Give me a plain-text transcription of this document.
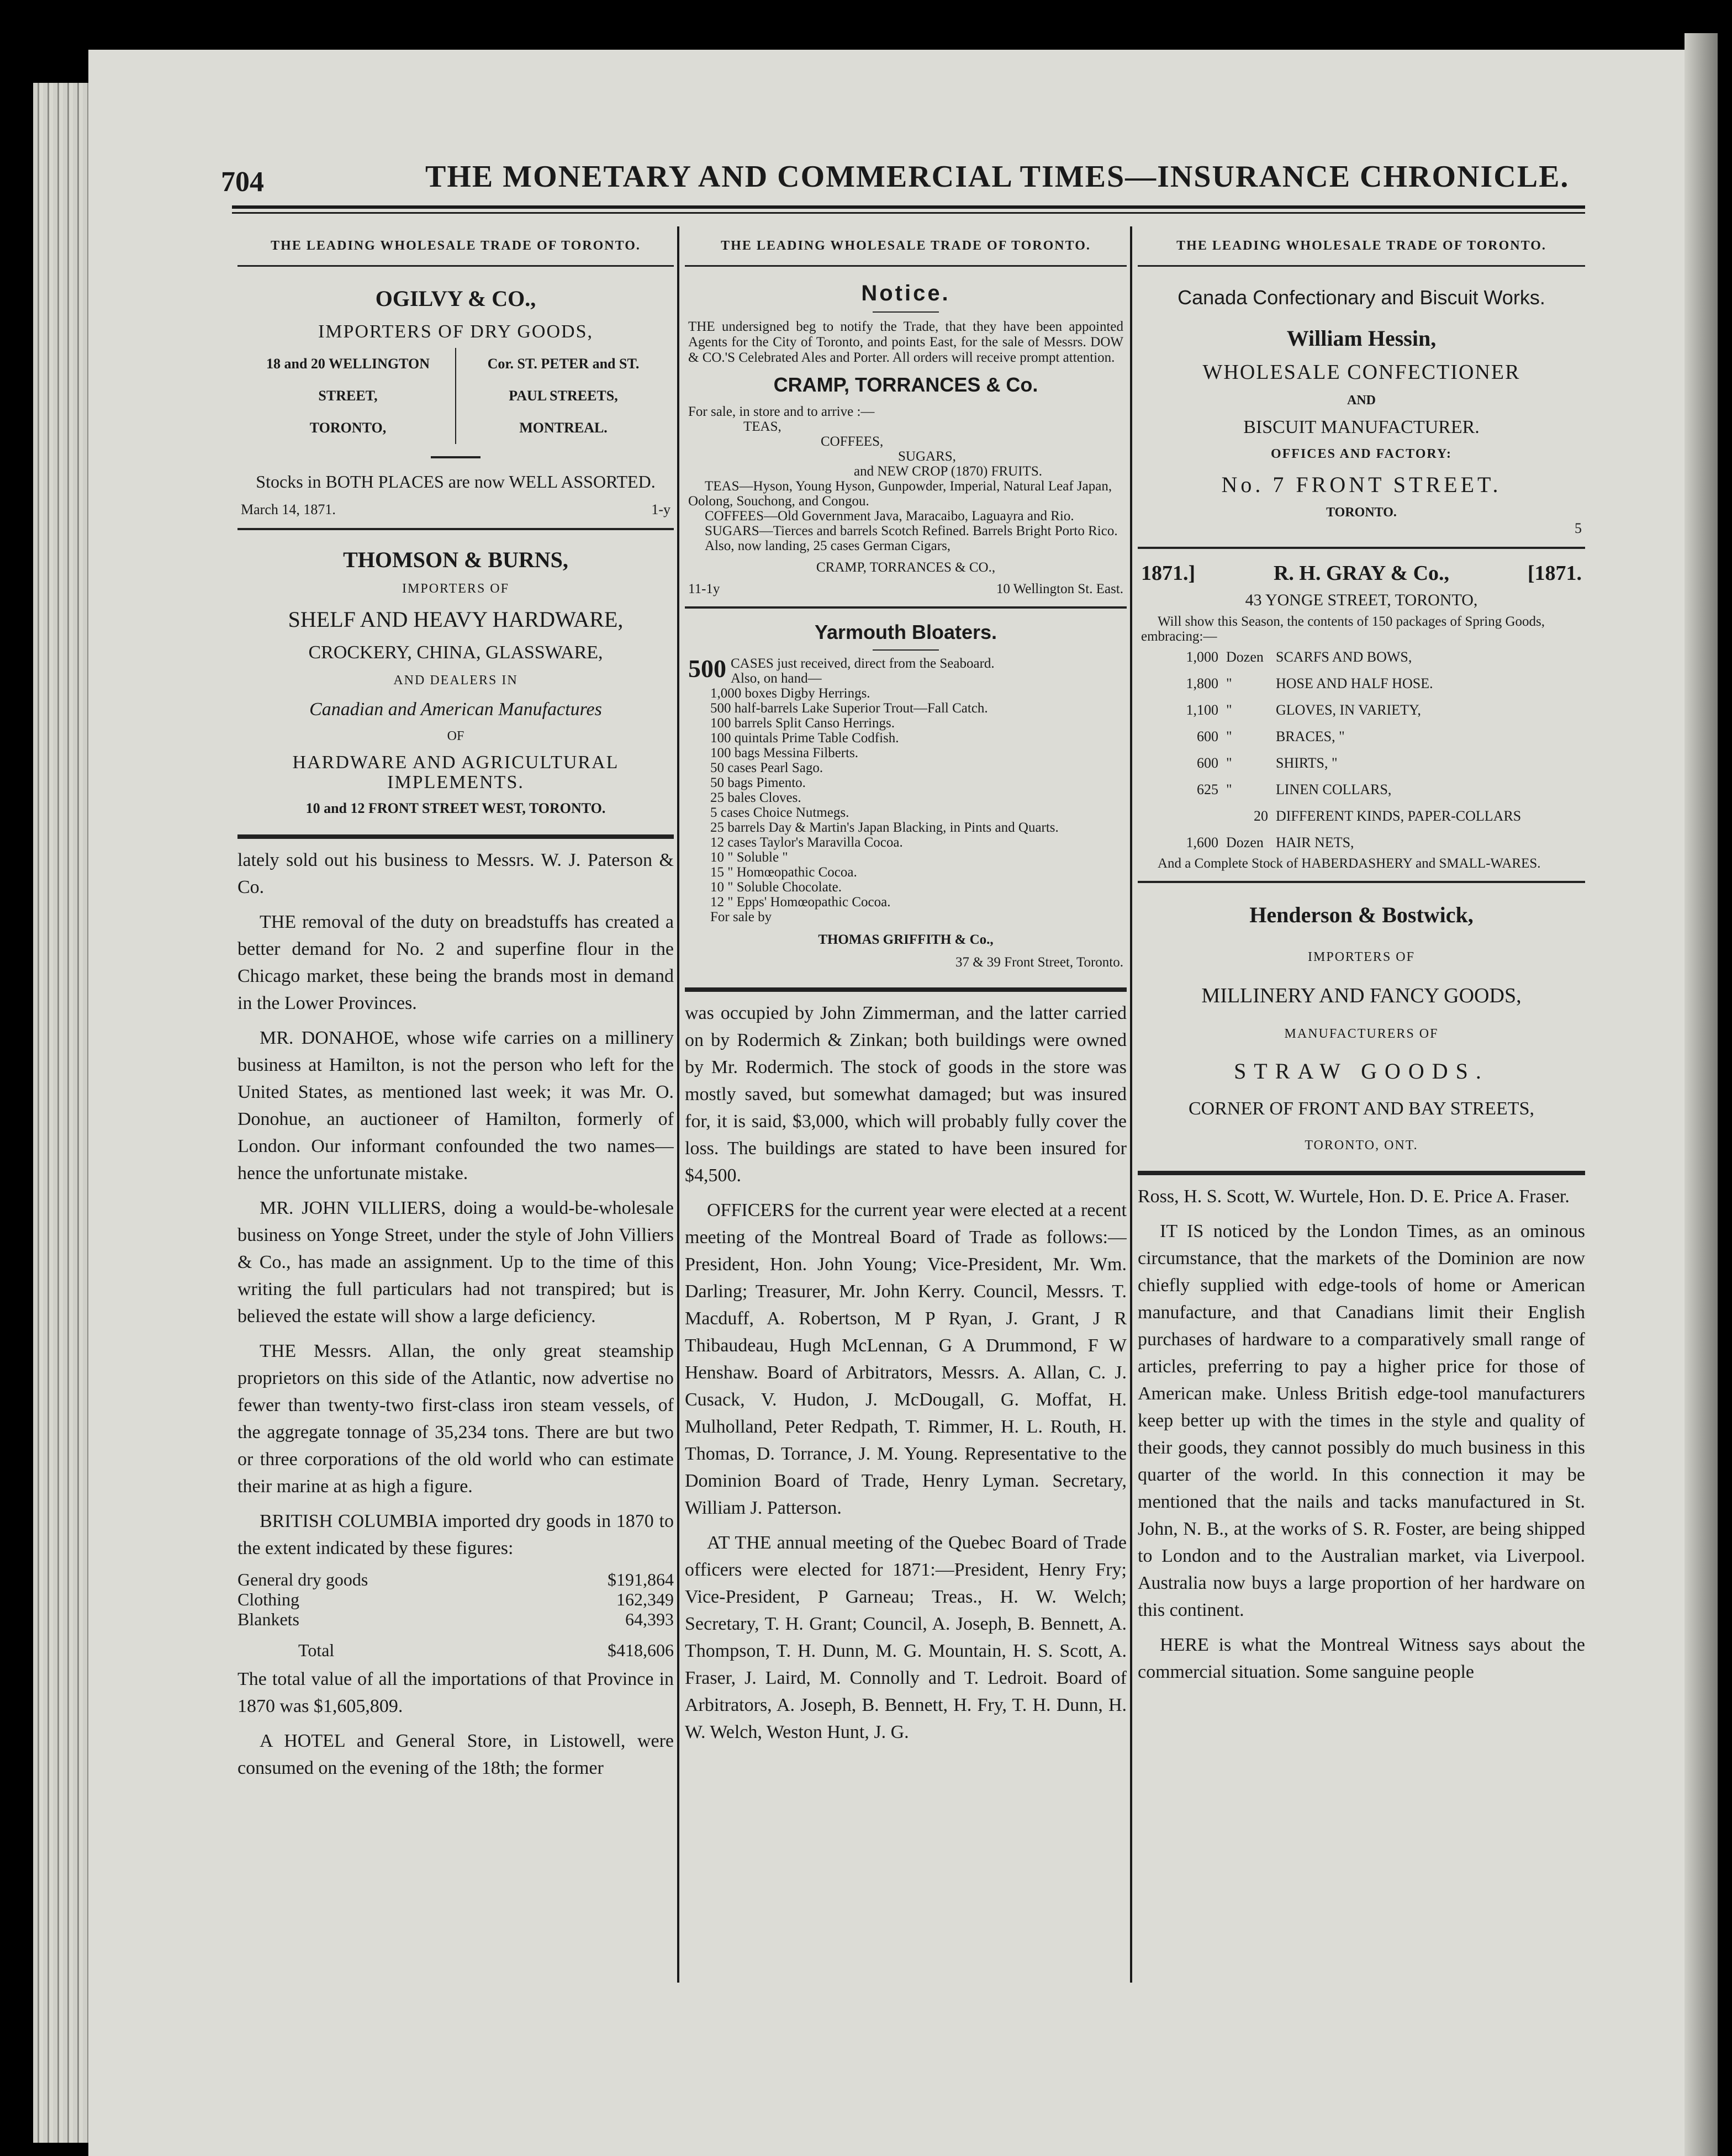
704	THE MONETARY AND COMMERCIAL TIMES—INSURANCE CHRONICLE.
THE LEADING WHOLESALE TRADE OF TORONTO.
OGILVY & CO.,
IMPORTERS OF DRY GOODS,
18 and 20 WELLINGTON
STREET,
TORONTO,
Cor. ST. PETER and ST.
PAUL STREETS,
MONTREAL.
Stocks in BOTH PLACES are now WELL ASSORTED.
March 14, 1871.	1-y
THOMSON & BURNS,
IMPORTERS OF
SHELF AND HEAVY HARDWARE,
CROCKERY, CHINA, GLASSWARE,
AND DEALERS IN
Canadian and American Manufactures
OF
HARDWARE AND AGRICULTURAL IMPLEMENTS.
10 and 12 FRONT STREET WEST, TORONTO.

lately sold out his business to Messrs. W. J. Paterson & Co.

THE removal of the duty on breadstuffs has created a better demand for No. 2 and superfine flour in the Chicago market, these being the brands most in demand in the Lower Provinces.

MR. DONAHOE, whose wife carries on a millinery business at Hamilton, is not the person who left for the United States, as mentioned last week; it was Mr. O. Donohue, an auctioneer of Hamilton, formerly of London. Our informant confounded the two names—hence the unfortunate mistake.

MR. JOHN VILLIERS, doing a would-be-wholesale business on Yonge Street, under the style of John Villiers & Co., has made an assignment. Up to the time of this writing the full particulars had not transpired; but is believed the estate will show a large deficiency.

THE Messrs. Allan, the only great steamship proprietors on this side of the Atlantic, now advertise no fewer than twenty-two first-class iron steam vessels, of the aggregate tonnage of 35,234 tons. There are but two or three corporations of the old world who can estimate their marine at as high a figure.

BRITISH COLUMBIA imported dry goods in 1870 to the extent indicated by these figures:

General dry goods	$191,864
Clothing	162,349
Blankets	64,393
Total	$418,606

The total value of all the importations of that Province in 1870 was $1,605,809.

A HOTEL and General Store, in Listowell, were consumed on the evening of the 18th; the former

THE LEADING WHOLESALE TRADE OF TORONTO.
Notice.
THE undersigned beg to notify the Trade, that they have been appointed Agents for the City of Toronto, and points East, for the sale of Messrs. DOW & CO.'S Celebrated Ales and Porter. All orders will receive prompt attention.
CRAMP, TORRANCES & Co.
For sale, in store and to arrive :—
TEAS,
COFFEES,
SUGARS,
and NEW CROP (1870) FRUITS.
TEAS—Hyson, Young Hyson, Gunpowder, Imperial, Natural Leaf Japan, Oolong, Souchong, and Congou.
COFFEES—Old Government Java, Maracaibo, Laguayra and Rio.
SUGARS—Tierces and barrels Scotch Refined. Barrels Bright Porto Rico.
Also, now landing, 25 cases German Cigars,
CRAMP, TORRANCES & CO.,
11-1y	10 Wellington St. East.
Yarmouth Bloaters.
500 CASES just received, direct from the Seaboard.
Also, on hand—
1,000 boxes Digby Herrings.
500 half-barrels Lake Superior Trout—Fall Catch.
100 barrels Split Canso Herrings.
100 quintals Prime Table Codfish.
100 bags Messina Filberts.
50 cases Pearl Sago.
50 bags Pimento.
25 bales Cloves.
5 cases Choice Nutmegs.
25 barrels Day & Martin's Japan Blacking, in Pints and Quarts.
12 cases Taylor's Maravilla Cocoa.
10 " Soluble "
15 " Homœopathic Cocoa.
10 " Soluble Chocolate.
12 " Epps' Homœopathic Cocoa.
For sale by
THOMAS GRIFFITH & Co.,
37 & 39 Front Street, Toronto.

was occupied by John Zimmerman, and the latter carried on by Rodermich & Zinkan; both buildings were owned by Mr. Rodermich. The stock of goods in the store was mostly saved, but somewhat damaged; but was insured for, it is said, $3,000, which will probably fully cover the loss. The buildings are stated to have been insured for $4,500.

OFFICERS for the current year were elected at a recent meeting of the Montreal Board of Trade as follows:—President, Hon. John Young; Vice-President, Mr. Wm. Darling; Treasurer, Mr. John Kerry. Council, Messrs. T. Macduff, A. Robertson, M P Ryan, J. Grant, J R Thibaudeau, Hugh McLennan, G A Drummond, F W Henshaw. Board of Arbitrators, Messrs. A. Allan, C. J. Cusack, V. Hudon, J. McDougall, G. Moffat, H. Mulholland, Peter Redpath, T. Rimmer, H. L. Routh, H. Thomas, D. Torrance, J. M. Young. Representative to the Dominion Board of Trade, Henry Lyman. Secretary, William J. Patterson.

AT THE annual meeting of the Quebec Board of Trade officers were elected for 1871:—President, Henry Fry; Vice-President, P Garneau; Treas., H. W. Welch; Secretary, T. H. Grant; Council, A. Joseph, B. Bennett, A. Thompson, T. H. Dunn, M. G. Mountain, H. S. Scott, A. Fraser, J. Laird, M. Connolly and T. Ledroit. Board of Arbitrators, A. Joseph, B. Bennett, H. Fry, T. H. Dunn, H. W. Welch, Weston Hunt, J. G.

THE LEADING WHOLESALE TRADE OF TORONTO.
Canada Confectionary and Biscuit Works.
William Hessin,
WHOLESALE CONFECTIONER
AND
BISCUIT MANUFACTURER.
OFFICES AND FACTORY:
No. 7 FRONT STREET.
TORONTO.
5
1871.]	R. H. GRAY & Co.,	[1871.
43 YONGE STREET, TORONTO,
Will show this Season, the contents of 150 packages of Spring Goods, embracing:—
1,000 Dozen SCARFS AND BOWS,
1,800 "	HOSE AND HALF HOSE.
1,100 "	GLOVES, IN VARIETY,
600 "	BRACES, "
600 "	SHIRTS, "
625 "	LINEN COLLARS,
20 DIFFERENT KINDS, PAPER-COLLARS
1,600 Dozen HAIR NETS,
And a Complete Stock of HABERDASHERY and SMALL-WARES.
Henderson & Bostwick,
IMPORTERS OF
MILLINERY AND FANCY GOODS,
MANUFACTURERS OF
STRAW GOODS.
CORNER OF FRONT AND BAY STREETS,
TORONTO, ONT.

Ross, H. S. Scott, W. Wurtele, Hon. D. E. Price A. Fraser.

IT IS noticed by the London Times, as an ominous circumstance, that the markets of the Dominion are now chiefly supplied with edge-tools of home or American manufacture, and that Canadians limit their English purchases of hardware to a comparatively small range of articles, preferring to pay a higher price for those of American make. Unless British edge-tool manufacturers keep better up with the times in the style and quality of their goods, they cannot possibly do much business in this quarter of the world. In this connection it may be mentioned that the nails and tacks manufactured in St. John, N. B., at the works of S. R. Foster, are being shipped to London and to the Australian market, via Liverpool. Australia now buys a large proportion of her hardware on this continent.

HERE is what the Montreal Witness says about the commercial situation. Some sanguine people
